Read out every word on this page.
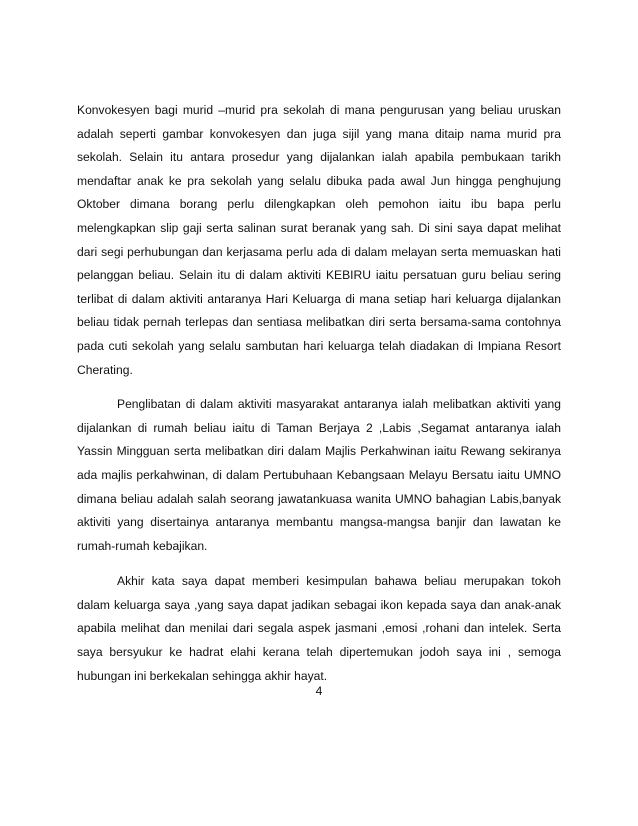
Konvokesyen bagi murid –murid pra sekolah di mana pengurusan yang beliau uruskan adalah seperti gambar konvokesyen dan juga sijil yang mana ditaip nama murid pra sekolah. Selain itu antara prosedur yang dijalankan ialah apabila pembukaan tarikh mendaftar anak ke pra sekolah yang selalu dibuka pada awal Jun hingga penghujung Oktober dimana borang perlu dilengkapkan oleh pemohon iaitu ibu bapa perlu melengkapkan slip gaji serta salinan surat beranak yang sah. Di sini saya dapat melihat dari segi perhubungan dan kerjasama perlu ada di dalam melayan serta memuaskan hati pelanggan beliau. Selain itu di dalam aktiviti KEBIRU iaitu persatuan guru beliau sering terlibat di dalam aktiviti antaranya Hari Keluarga di mana setiap hari keluarga dijalankan beliau tidak pernah terlepas dan sentiasa melibatkan diri serta bersama-sama contohnya pada cuti sekolah yang selalu sambutan hari keluarga telah diadakan di Impiana Resort Cherating.

Penglibatan di dalam aktiviti masyarakat antaranya ialah melibatkan aktiviti yang dijalankan di rumah beliau iaitu di Taman Berjaya 2 ,Labis ,Segamat antaranya ialah Yassin Mingguan serta melibatkan diri dalam Majlis Perkahwinan iaitu Rewang sekiranya ada majlis perkahwinan, di dalam Pertubuhaan Kebangsaan Melayu Bersatu iaitu UMNO dimana beliau adalah salah seorang jawatankuasa wanita UMNO bahagian Labis,banyak aktiviti yang disertainya antaranya membantu mangsa-mangsa banjir dan lawatan ke rumah-rumah kebajikan.

Akhir kata saya dapat memberi kesimpulan bahawa beliau merupakan tokoh dalam keluarga saya ,yang saya dapat jadikan sebagai ikon kepada saya dan anak-anak apabila melihat dan menilai dari segala aspek jasmani ,emosi ,rohani dan intelek. Serta saya bersyukur ke hadrat elahi kerana telah dipertemukan jodoh saya ini , semoga hubungan ini berkekalan sehingga akhir hayat.

4
